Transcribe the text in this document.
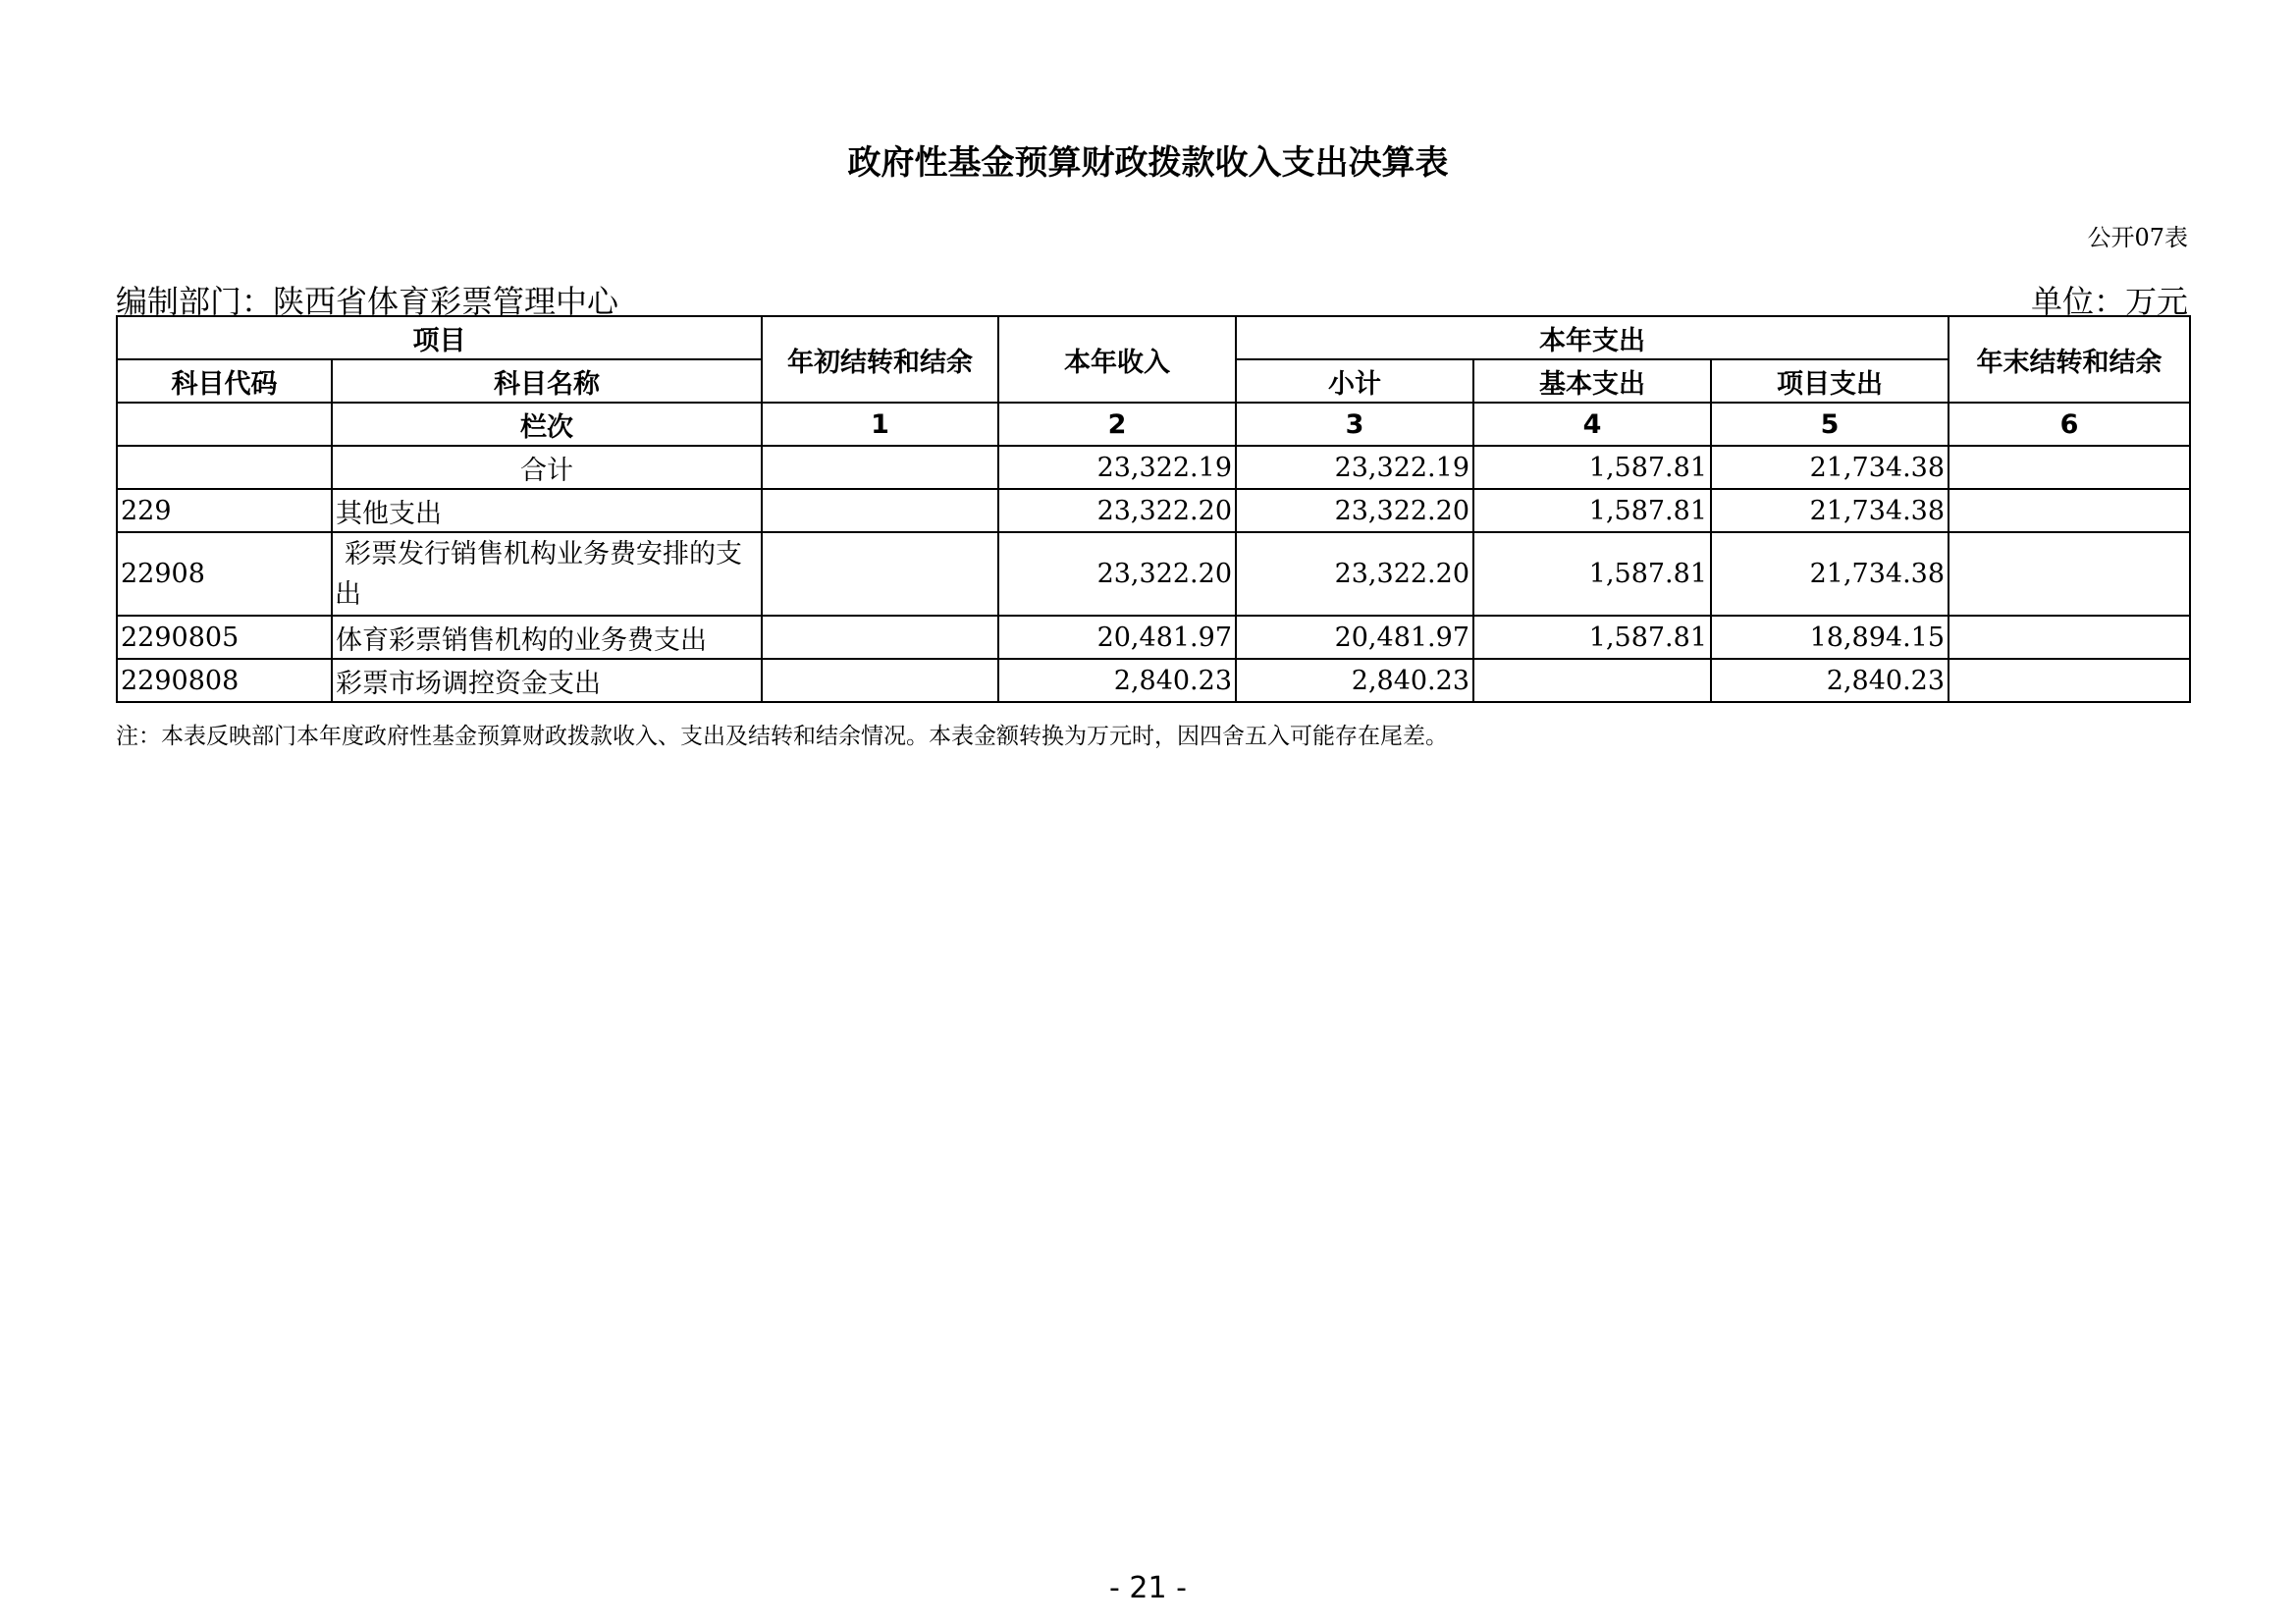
政府性基金预算财政拨款收入支出决算表
公开07表
编制部门：陕西省体育彩票管理中心	单位：万元
项目		年初结转和结余	本年收入	本年支出			年末结转和结余
科目代码	科目名称			小计	基本支出	项目支出	
	栏次	1	2	3	4	5	6
	合计		23,322.19	23,322.19	1,587.81	21,734.38	
229	其他支出		23,322.20	23,322.20	1,587.81	21,734.38	
22908	彩票发行销售机构业务费安排的支出		23,322.20	23,322.20	1,587.81	21,734.38	
2290805	体育彩票销售机构的业务费支出		20,481.97	20,481.97	1,587.81	18,894.15	
2290808	彩票市场调控资金支出		2,840.23	2,840.23		2,840.23	
注：本表反映部门本年度政府性基金预算财政拨款收入、支出及结转和结余情况。本表金额转换为万元时，因四舍五入可能存在尾差。
- 21 -
